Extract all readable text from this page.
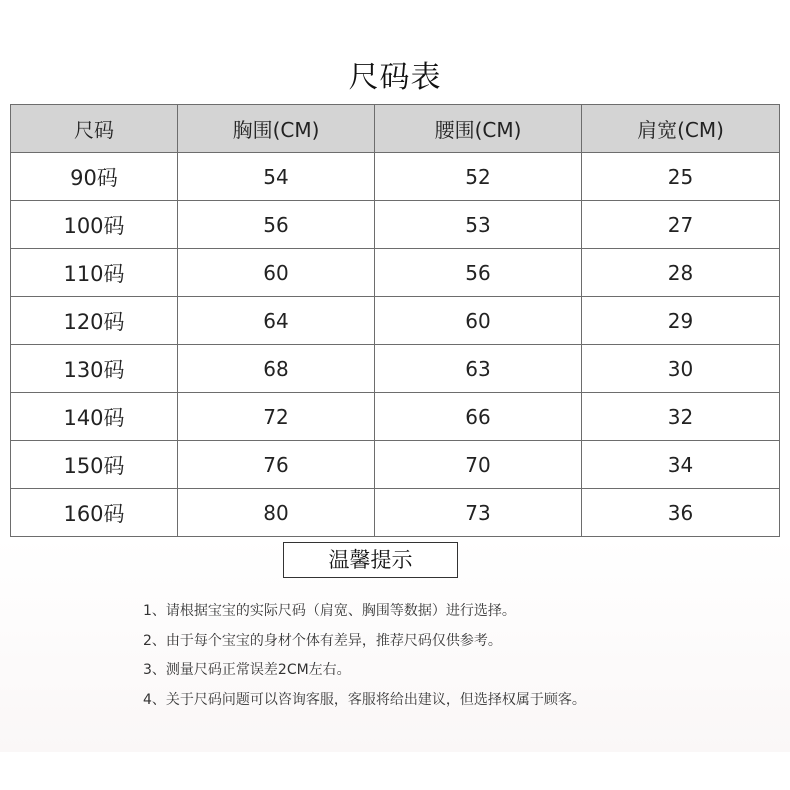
尺码表
尺码	胸围(CM)	腰围(CM)	肩宽(CM)
90码	54	52	25
100码	56	53	27
110码	60	56	28
120码	64	60	29
130码	68	63	30
140码	72	66	32
150码	76	70	34
160码	80	73	36
温馨提示
1、请根据宝宝的实际尺码（肩宽、胸围等数据）进行选择。
2、由于每个宝宝的身材个体有差异，推荐尺码仅供参考。
3、测量尺码正常误差2CM左右。
4、关于尺码问题可以咨询客服，客服将给出建议，但选择权属于顾客。
